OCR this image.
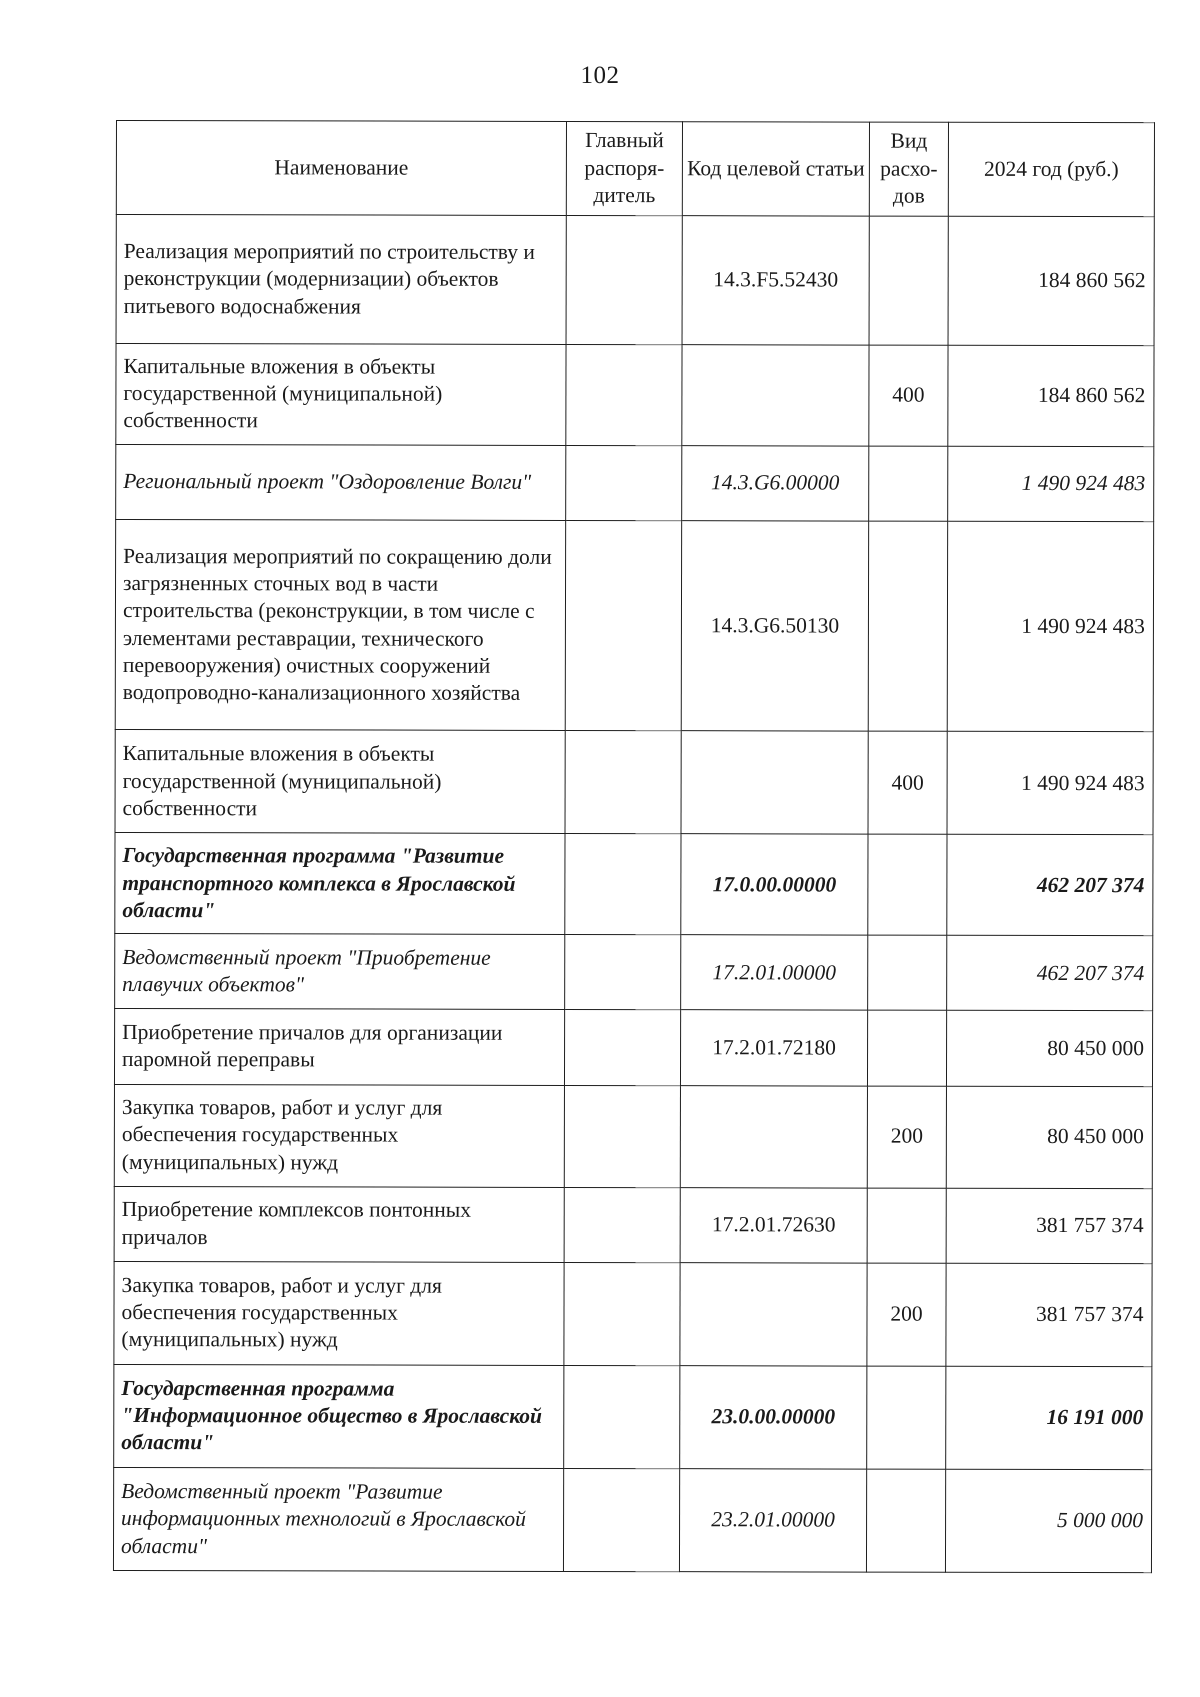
102
Наименование	Главный распоря-дитель	Код целевой статьи	Вид расхо-дов	2024 год (руб.)
Реализация мероприятий по строительству и реконструкции (модернизации) объектов питьевого водоснабжения		14.3.F5.52430		184 860 562
Капитальные вложения в объекты государственной (муниципальной) собственности			400	184 860 562
Региональный проект "Оздоровление Волги"		14.3.G6.00000		1 490 924 483
Реализация мероприятий по сокращению доли загрязненных сточных вод в части строительства (реконструкции, в том числе с элементами реставрации, технического перевооружения) очистных сооружений водопроводно-канализационного хозяйства		14.3.G6.50130		1 490 924 483
Капитальные вложения в объекты государственной (муниципальной) собственности			400	1 490 924 483
Государственная программа "Развитие транспортного комплекса в Ярославской области"		17.0.00.00000		462 207 374
Ведомственный проект "Приобретение плавучих объектов"		17.2.01.00000		462 207 374
Приобретение причалов для организации паромной переправы		17.2.01.72180		80 450 000
Закупка товаров, работ и услуг для обеспечения государственных (муниципальных) нужд			200	80 450 000
Приобретение комплексов понтонных причалов		17.2.01.72630		381 757 374
Закупка товаров, работ и услуг для обеспечения государственных (муниципальных) нужд			200	381 757 374
Государственная программа "Информационное общество в Ярославской области"		23.0.00.00000		16 191 000
Ведомственный проект "Развитие информационных технологий в Ярославской области"		23.2.01.00000		5 000 000
